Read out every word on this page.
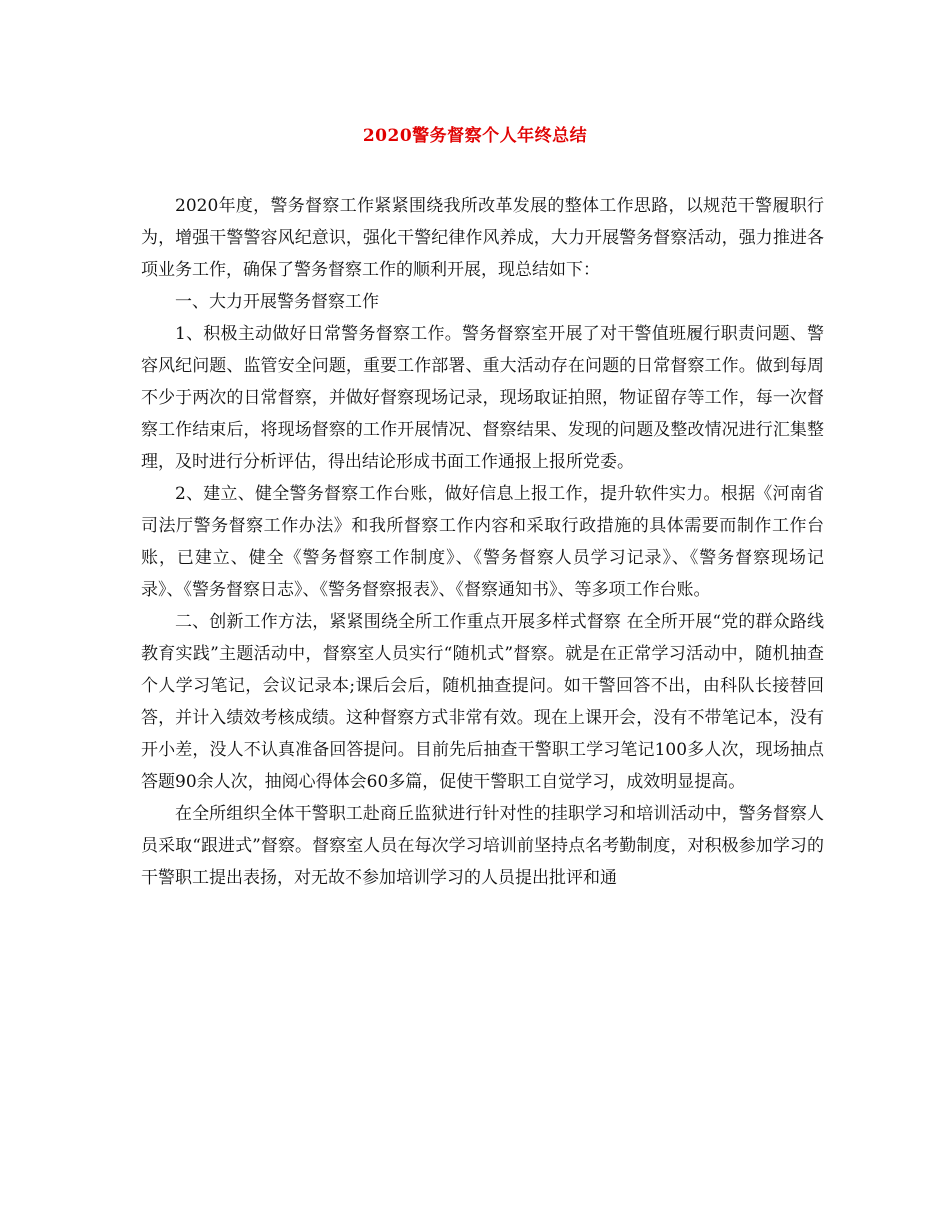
2020警务督察个人年终总结

2020年度，警务督察工作紧紧围绕我所改革发展的整体工作思路，以规范干警履职行为，增强干警警容风纪意识，强化干警纪律作风养成，大力开展警务督察活动，强力推进各项业务工作，确保了警务督察工作的顺利开展，现总结如下：

一、大力开展警务督察工作

1、积极主动做好日常警务督察工作。警务督察室开展了对干警值班履行职责问题、警容风纪问题、监管安全问题，重要工作部署、重大活动存在问题的日常督察工作。做到每周不少于两次的日常督察，并做好督察现场记录，现场取证拍照，物证留存等工作，每一次督察工作结束后，将现场督察的工作开展情况、督察结果、发现的问题及整改情况进行汇集整理，及时进行分析评估，得出结论形成书面工作通报上报所党委。

2、建立、健全警务督察工作台账，做好信息上报工作，提升软件实力。根据《河南省司法厅警务督察工作办法》和我所督察工作内容和采取行政措施的具体需要而制作工作台账，已建立、健全《警务督察工作制度》、《警务督察人员学习记录》、《警务督察现场记录》、《警务督察日志》、《警务督察报表》、《督察通知书》、等多项工作台账。

二、创新工作方法，紧紧围绕全所工作重点开展多样式督察 在全所开展“党的群众路线教育实践”主题活动中，督察室人员实行“随机式”督察。就是在正常学习活动中，随机抽查个人学习笔记，会议记录本;课后会后，随机抽查提问。如干警回答不出，由科队长接替回答，并计入绩效考核成绩。这种督察方式非常有效。现在上课开会，没有不带笔记本，没有开小差，没人不认真准备回答提问。目前先后抽查干警职工学习笔记100多人次，现场抽点答题90余人次，抽阅心得体会60多篇，促使干警职工自觉学习，成效明显提高。

在全所组织全体干警职工赴商丘监狱进行针对性的挂职学习和培训活动中，警务督察人员采取“跟进式”督察。督察室人员在每次学习培训前坚持点名考勤制度，对积极参加学习的干警职工提出表扬，对无故不参加培训学习的人员提出批评和通
